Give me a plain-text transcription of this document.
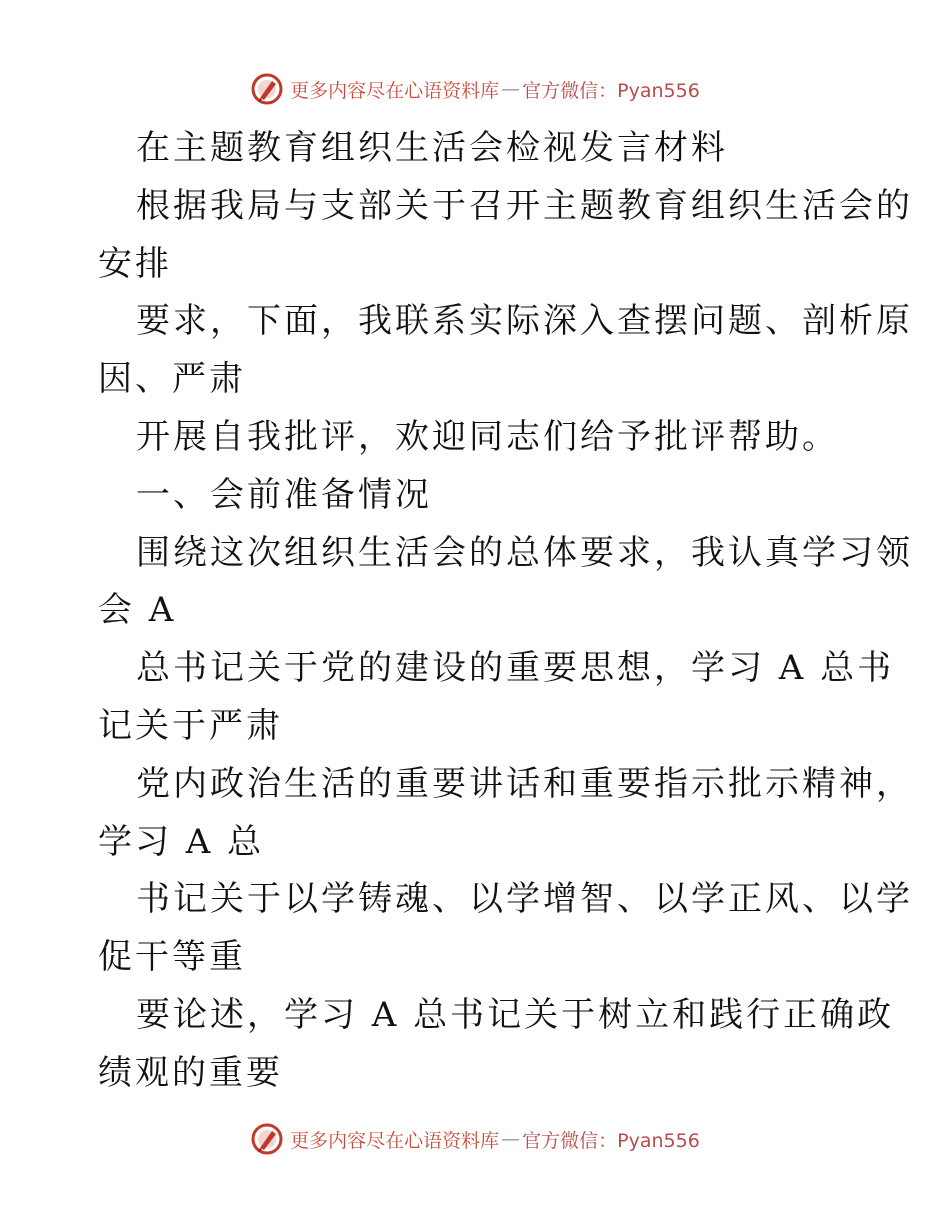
更多内容尽在心语资料库 — 官方微信：Pyan556
在主题教育组织生活会检视发言材料
根据我局与支部关于召开主题教育组织生活会的
安排
要求，下面，我联系实际深入查摆问题、剖析原
因、严肃
开展自我批评，欢迎同志们给予批评帮助。
一、会前准备情况
围绕这次组织生活会的总体要求，我认真学习领
会 A
总书记关于党的建设的重要思想，学习 A 总书
记关于严肃
党内政治生活的重要讲话和重要指示批示精神，
学习 A 总
书记关于以学铸魂、以学增智、以学正风、以学
促干等重
要论述，学习 A 总书记关于树立和践行正确政
绩观的重要
更多内容尽在心语资料库 — 官方微信：Pyan556
